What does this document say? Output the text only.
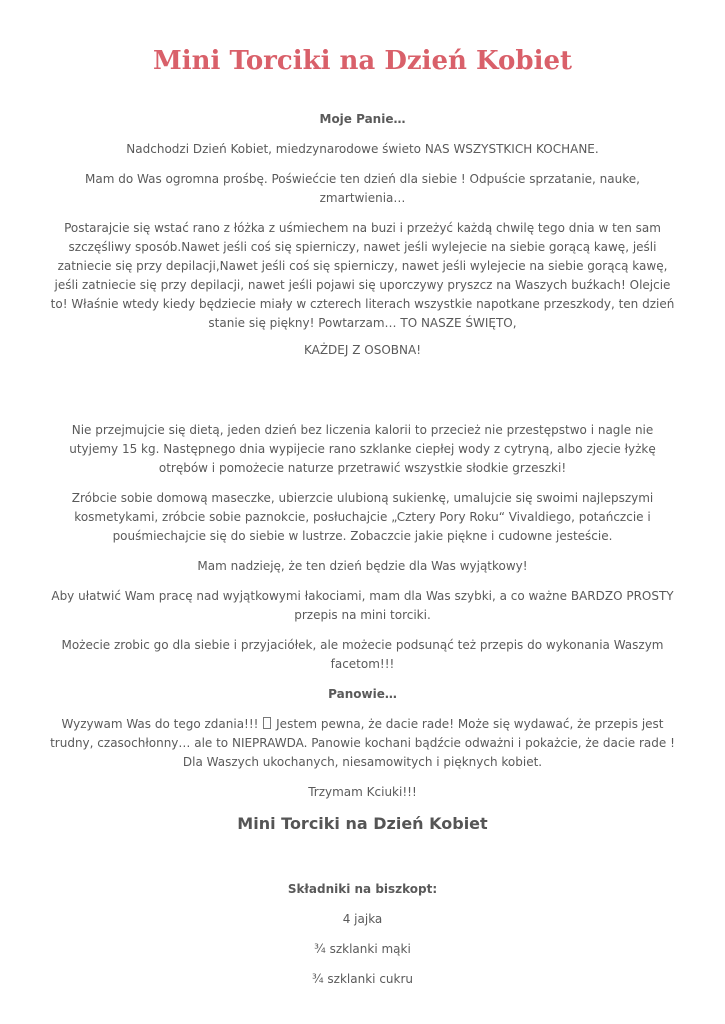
Mini Torciki na Dzień Kobiet

Moje Panie…

Nadchodzi Dzień Kobiet, miedzynarodowe świeto NAS WSZYSTKICH KOCHANE.

Mam do Was ogromna prośbę. Poświećcie ten dzień dla siebie ! Odpuście sprzatanie, nauke, zmartwienia…

Postarajcie się wstać rano z łóżka z uśmiechem na buzi i przeżyć każdą chwilę tego dnia w ten sam szczęśliwy sposób.Nawet jeśli coś się spierniczy, nawet jeśli wylejecie na siebie gorącą kawę, jeśli zatniecie się przy depilacji,Nawet jeśli coś się spierniczy, nawet jeśli wylejecie na siebie gorącą kawę, jeśli zatniecie się przy depilacji, nawet jeśli pojawi się uporczywy pryszcz na Waszych buźkach! Olejcie to! Właśnie wtedy kiedy będziecie miały w czterech literach wszystkie napotkane przeszkody, ten dzień stanie się piękny! Powtarzam… TO NASZE ŚWIĘTO,

KAŻDEJ Z OSOBNA!

Nie przejmujcie się dietą, jeden dzień bez liczenia kalorii to przecież nie przestępstwo i nagle nie utyjemy 15 kg. Następnego dnia wypijecie rano szklanke ciepłej wody z cytryną, albo zjecie łyżkę otrębów i pomożecie naturze przetrawić wszystkie słodkie grzeszki!

Zróbcie sobie domową maseczke, ubierzcie ulubioną sukienkę, umalujcie się swoimi najlepszymi kosmetykami, zróbcie sobie paznokcie, posłuchajcie „Cztery Pory Roku“ Vivaldiego, potańczcie i pouśmiechajcie się do siebie w lustrze. Zobaczcie jakie piękne i cudowne jesteście.

Mam nadzieję, że ten dzień będzie dla Was wyjątkowy!

Aby ułatwić Wam pracę nad wyjątkowymi łakociami, mam dla Was szybki, a co ważne BARDZO PROSTY przepis na mini torciki.

Możecie zrobic go dla siebie i przyjaciółek, ale możecie podsunąć też przepis do wykonania Waszym facetom!!!

Panowie…

Wyzywam Was do tego zdania!!! Jestem pewna, że dacie rade! Może się wydawać, że przepis jest trudny, czasochłonny… ale to NIEPRAWDA. Panowie kochani bądźcie odważni i pokażcie, że dacie rade ! Dla Waszych ukochanych, niesamowitych i pięknych kobiet.

Trzymam Kciuki!!!

Mini Torciki na Dzień Kobiet

Składniki na biszkopt:

4 jajka

¾ szklanki mąki

¾ szklanki cukru
